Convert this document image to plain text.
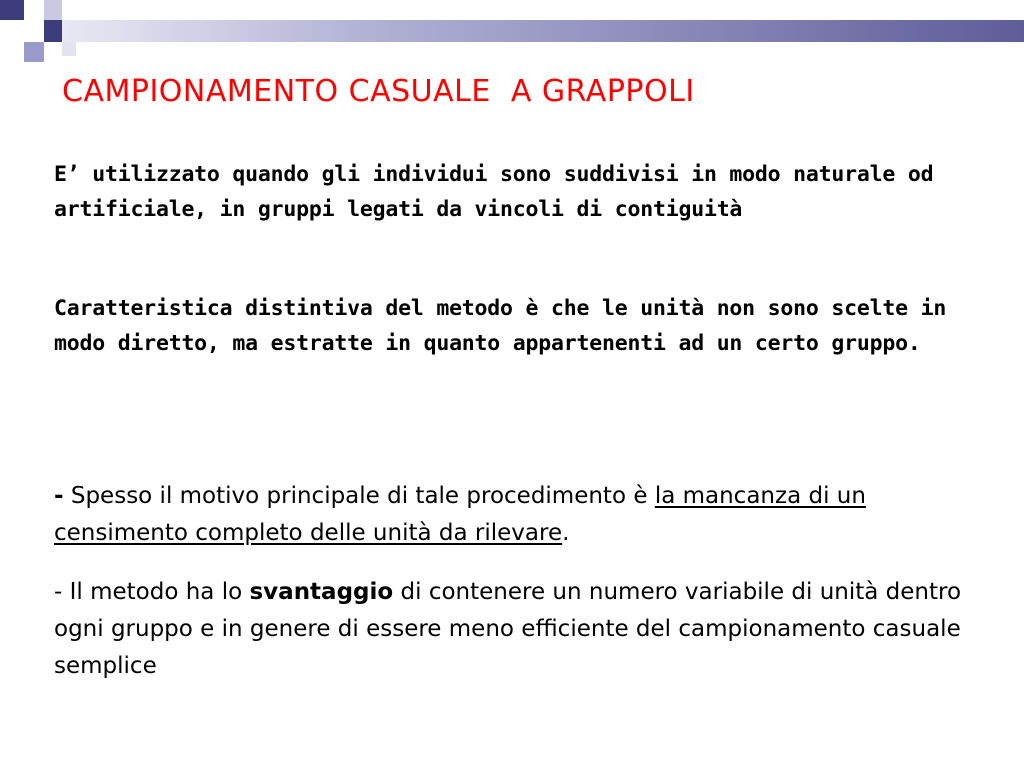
CAMPIONAMENTO CASUALE  A GRAPPOLI

E’ utilizzato quando gli individui sono suddivisi in modo naturale od artificiale, in gruppi legati da vincoli di contiguità

Caratteristica distintiva del metodo è che le unità non sono scelte in modo diretto, ma estratte in quanto appartenenti ad un certo gruppo.

- Spesso il motivo principale di tale procedimento è la mancanza di un censimento completo delle unità da rilevare.

- Il metodo ha lo svantaggio di contenere un numero variabile di unità dentro ogni gruppo e in genere di essere meno efficiente del campionamento casuale semplice
